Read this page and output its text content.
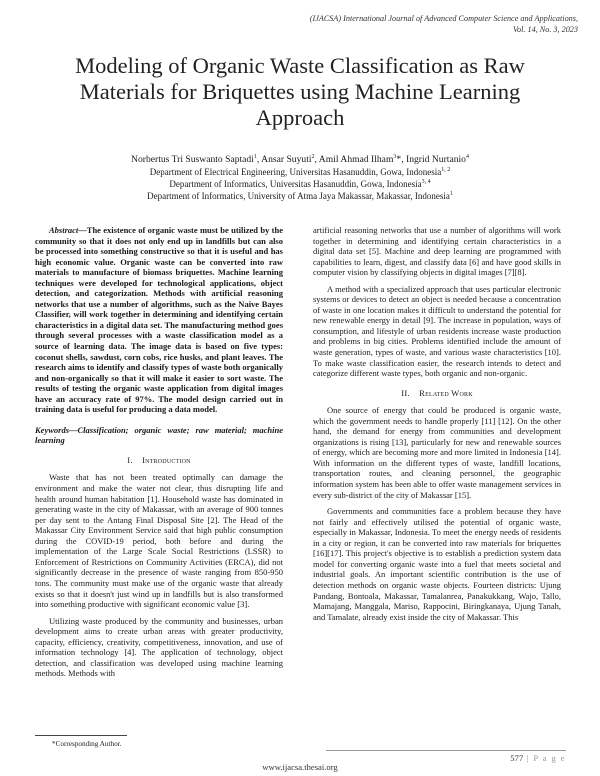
(IJACSA) International Journal of Advanced Computer Science and Applications,
Vol. 14, No. 3, 2023
Modeling of Organic Waste Classification as Raw Materials for Briquettes using Machine Learning Approach
Norbertus Tri Suswanto Saptadi$^1$, Ansar Suyuti$^2$, Amil Ahmad Ilham$^3$*, Ingrid Nurtanio$^4$
Department of Electrical Engineering, Universitas Hasanuddin, Gowa, Indonesia$^{1, 2}$
Department of Informatics, Universitas Hasanuddin, Gowa, Indonesia$^{3, 4}$
Department of Informatics, University of Atma Jaya Makassar, Makassar, Indonesia$^1$

Abstract—The existence of organic waste must be utilized by the community so that it does not only end up in landfills but can also be processed into something constructive so that it is useful and has high economic value. Organic waste can be converted into raw materials to manufacture of biomass briquettes. Machine learning techniques were developed for technological applications, object detection, and categorization. Methods with artificial reasoning networks that use a number of algorithms, such as the Naive Bayes Classifier, will work together in determining and identifying certain characteristics in a digital data set. The manufacturing method goes through several processes with a waste classification model as a source of learning data. The image data is based on five types: coconut shells, sawdust, corn cobs, rice husks, and plant leaves. The research aims to identify and classify types of waste both organically and non-organically so that it will make it easier to sort waste. The results of testing the organic waste application from digital images have an accuracy rate of 97%. The model design carried out in training data is useful for producing a data model.

Keywords—Classification; organic waste; raw material; machine learning

I. Introduction

Waste that has not been treated optimally can damage the environment and make the water not clear, thus disrupting life and health around human habitation [1]. Household waste has dominated in generating waste in the city of Makassar, with an average of 900 tonnes per day sent to the Antang Final Disposal Site [2]. The Head of the Makassar City Environment Service said that high public consumption during the COVID-19 period, both before and during the implementation of the Large Scale Social Restrictions (LSSR) to Enforcement of Restrictions on Community Activities (ERCA), did not significantly decrease in the presence of waste ranging from 850-950 tons. The community must make use of the organic waste that already exists so that it doesn't just wind up in landfills but is also transformed into something productive with significant economic value [3].

Utilizing waste produced by the community and businesses, urban development aims to create urban areas with greater productivity, capacity, efficiency, creativity, competitiveness, innovation, and use of information technology [4]. The application of technology, object detection, and classification was developed using machine learning methods. Methods with

artificial reasoning networks that use a number of algorithms will work together in determining and identifying certain characteristics in a digital data set [5]. Machine and deep learning are programmed with capabilities to learn, digest, and classify data [6] and have good skills in computer vision by classifying objects in digital images [7][8].

A method with a specialized approach that uses particular electronic systems or devices to detect an object is needed because a concentration of waste in one location makes it difficult to understand the potential for new renewable energy in detail [9]. The increase in population, ways of consumption, and lifestyle of urban residents increase waste production and problems in big cities. Problems identified include the amount of waste generation, types of waste, and various waste characteristics [10]. To make waste classification easier, the research intends to detect and categorize different waste types, both organic and non-organic.

II. Related Work

One source of energy that could be produced is organic waste, which the government needs to handle properly [11] [12]. On the other hand, the demand for energy from communities and development organizations is rising [13], particularly for new and renewable sources of energy, which are becoming more and more limited in Indonesia [14]. With information on the different types of waste, landfill locations, transportation routes, and cleaning personnel, the geographic information system has been able to offer waste management services in every sub-district of the city of Makassar [15].

Governments and communities face a problem because they have not fairly and effectively utilised the potential of organic waste, especially in Makassar, Indonesia. To meet the energy needs of residents in a city or region, it can be converted into raw materials for briquettes [16][17]. This project's objective is to establish a prediction system data model for converting organic waste into a fuel that meets societal and industrial goals. An important scientific contribution is the use of detection methods on organic waste objects. Fourteen districts: Ujung Pandang, Bontoala, Makassar, Tamalanrea, Panakukkang, Wajo, Tallo, Mamajang, Manggala, Mariso, Rappocini, Biringkanaya, Ujung Tanah, and Tamalate, already exist inside the city of Makassar. This

*Corresponding Author.
577 | P a g e
www.ijacsa.thesai.org
